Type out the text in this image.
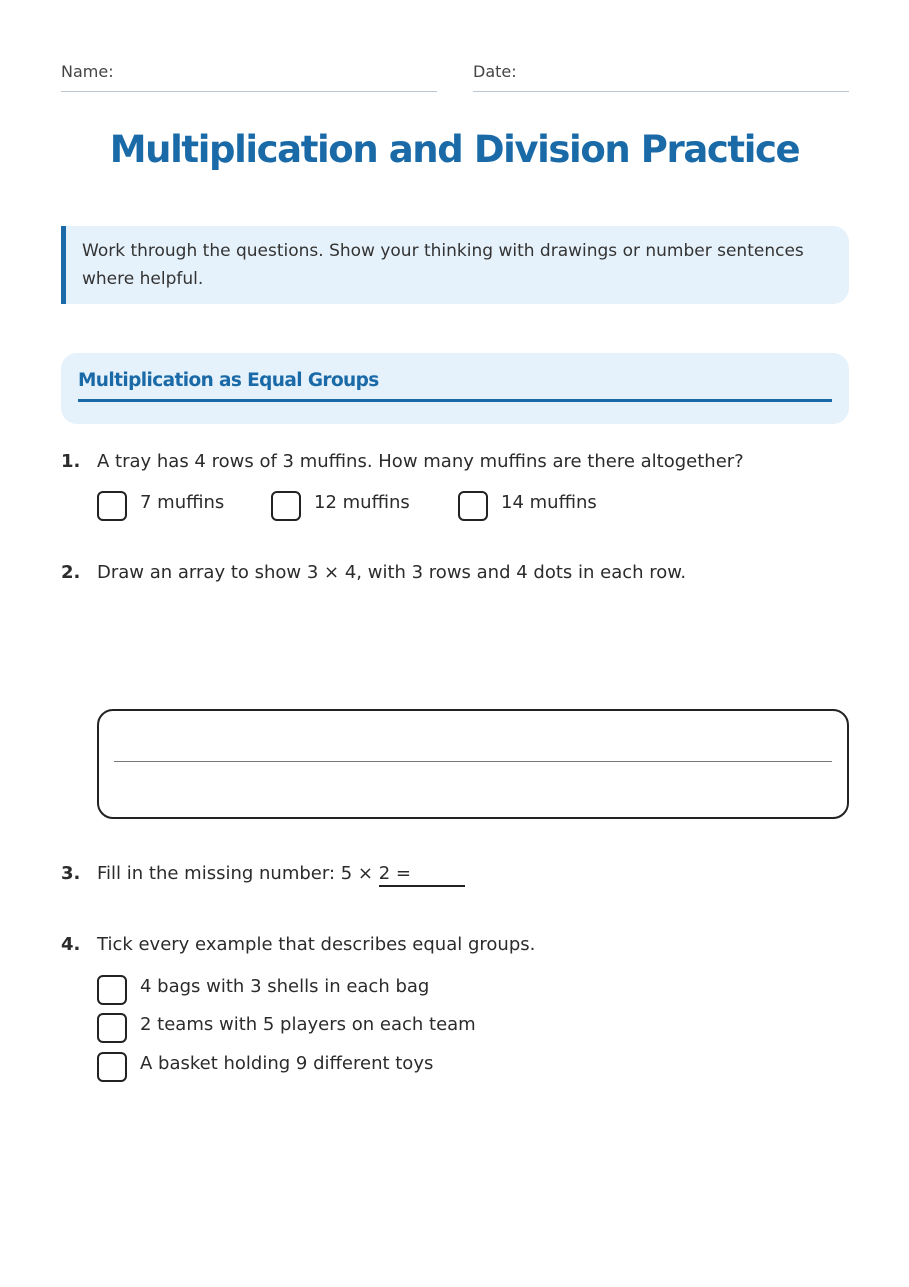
Name:	Date:
Multiplication and Division Practice
Work through the questions. Show your thinking with drawings or number sentences where helpful.
Multiplication as Equal Groups
1. A tray has 4 rows of 3 muffins. How many muffins are there altogether?
7 muffins	12 muffins	14 muffins
2. Draw an array to show 3 × 4, with 3 rows and 4 dots in each row.
3. Fill in the missing number: 5 × 2 =
4. Tick every example that describes equal groups.
4 bags with 3 shells in each bag
2 teams with 5 players on each team
A basket holding 9 different toys
